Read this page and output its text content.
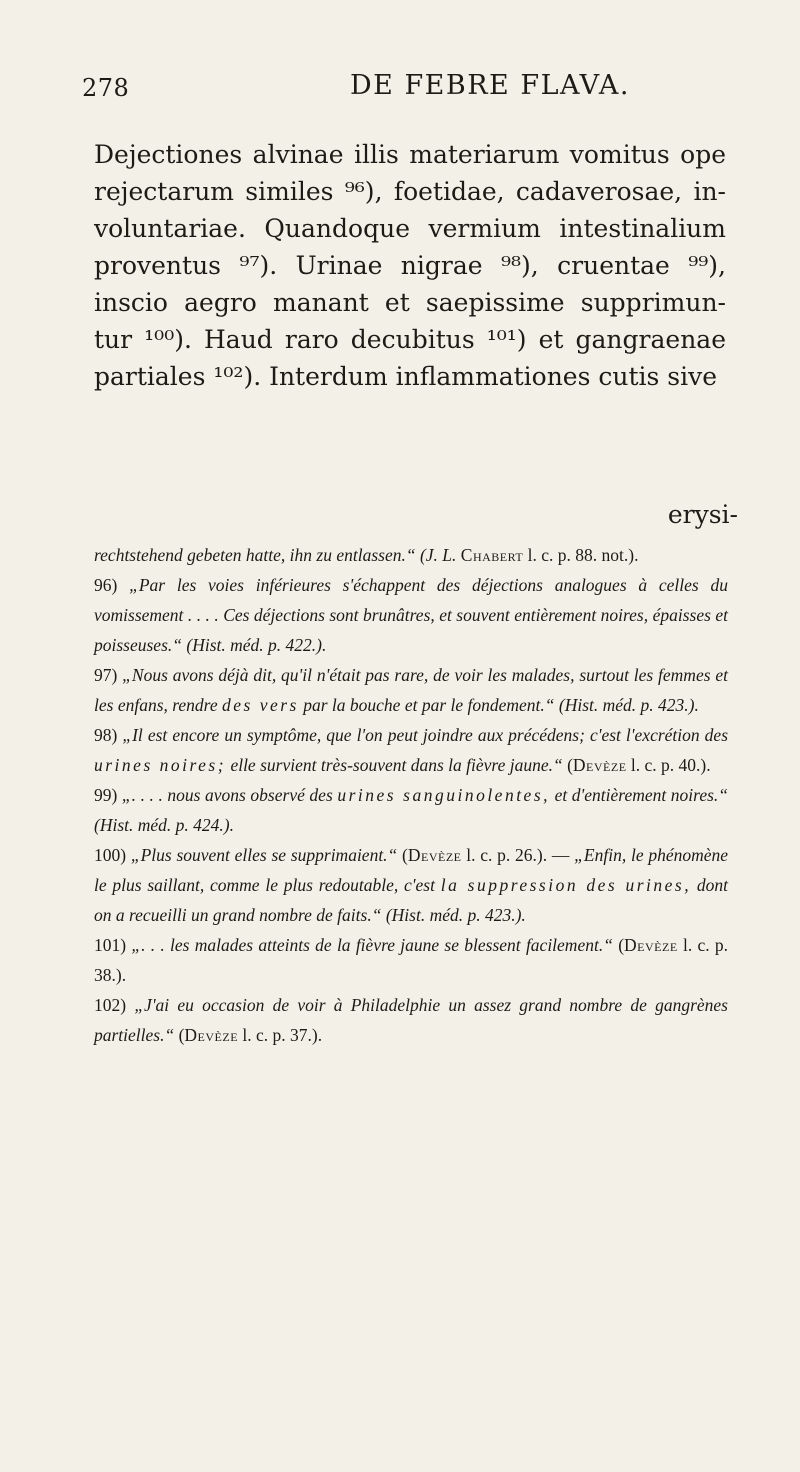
278	DE FEBRE FLAVA.

Dejectiones alvinae illis materiarum vomitus ope rejectarum similes ⁹⁶), foetidae, cadaverosae, in- voluntariae. Quandoque vermium intestinalium proventus ⁹⁷). Urinae nigrae ⁹⁸), cruentae ⁹⁹), inscio aegro manant et saepissime supprimun- tur ¹⁰⁰). Haud raro decubitus ¹⁰¹) et gangraenae partiales ¹⁰²). Interdum inflammationes cutis sive

erysi-

rechtstehend gebeten hatte, ihn zu entlassen.“ (J. L. Chabert l. c. p. 88. not.).

96) „Par les voies inférieures s'échappent des déjections analogues à celles du vomissement . . . . Ces déjections sont brunâtres, et souvent entièrement noires, épaisses et poisseuses.“ (Hist. méd. p. 422.).

97) „Nous avons déjà dit, qu'il n'était pas rare, de voir les malades, surtout les femmes et les enfans, rendre des vers par la bouche et par le fondement.“ (Hist. méd. p. 423.).

98) „Il est encore un symptôme, que l'on peut joindre aux précédens; c'est l'excrétion des urines noires; elle survient très-souvent dans la fièvre jaune.“ (Devèze l. c. p. 40.).

99) „. . . . nous avons observé des urines sanguinolentes, et d'entièrement noires.“ (Hist. méd. p. 424.).

100) „Plus souvent elles se supprimaient.“ (Devèze l. c. p. 26.). — „Enfin, le phénomène le plus saillant, comme le plus redoutable, c'est la suppression des urines, dont on a recueilli un grand nombre de faits.“ (Hist. méd. p. 423.).

101) „. . . les malades atteints de la fièvre jaune se blessent facilement.“ (Devèze l. c. p. 38.).

102) „J'ai eu occasion de voir à Philadelphie un assez grand nombre de gangrènes partielles.“ (Devèze l. c. p. 37.).
